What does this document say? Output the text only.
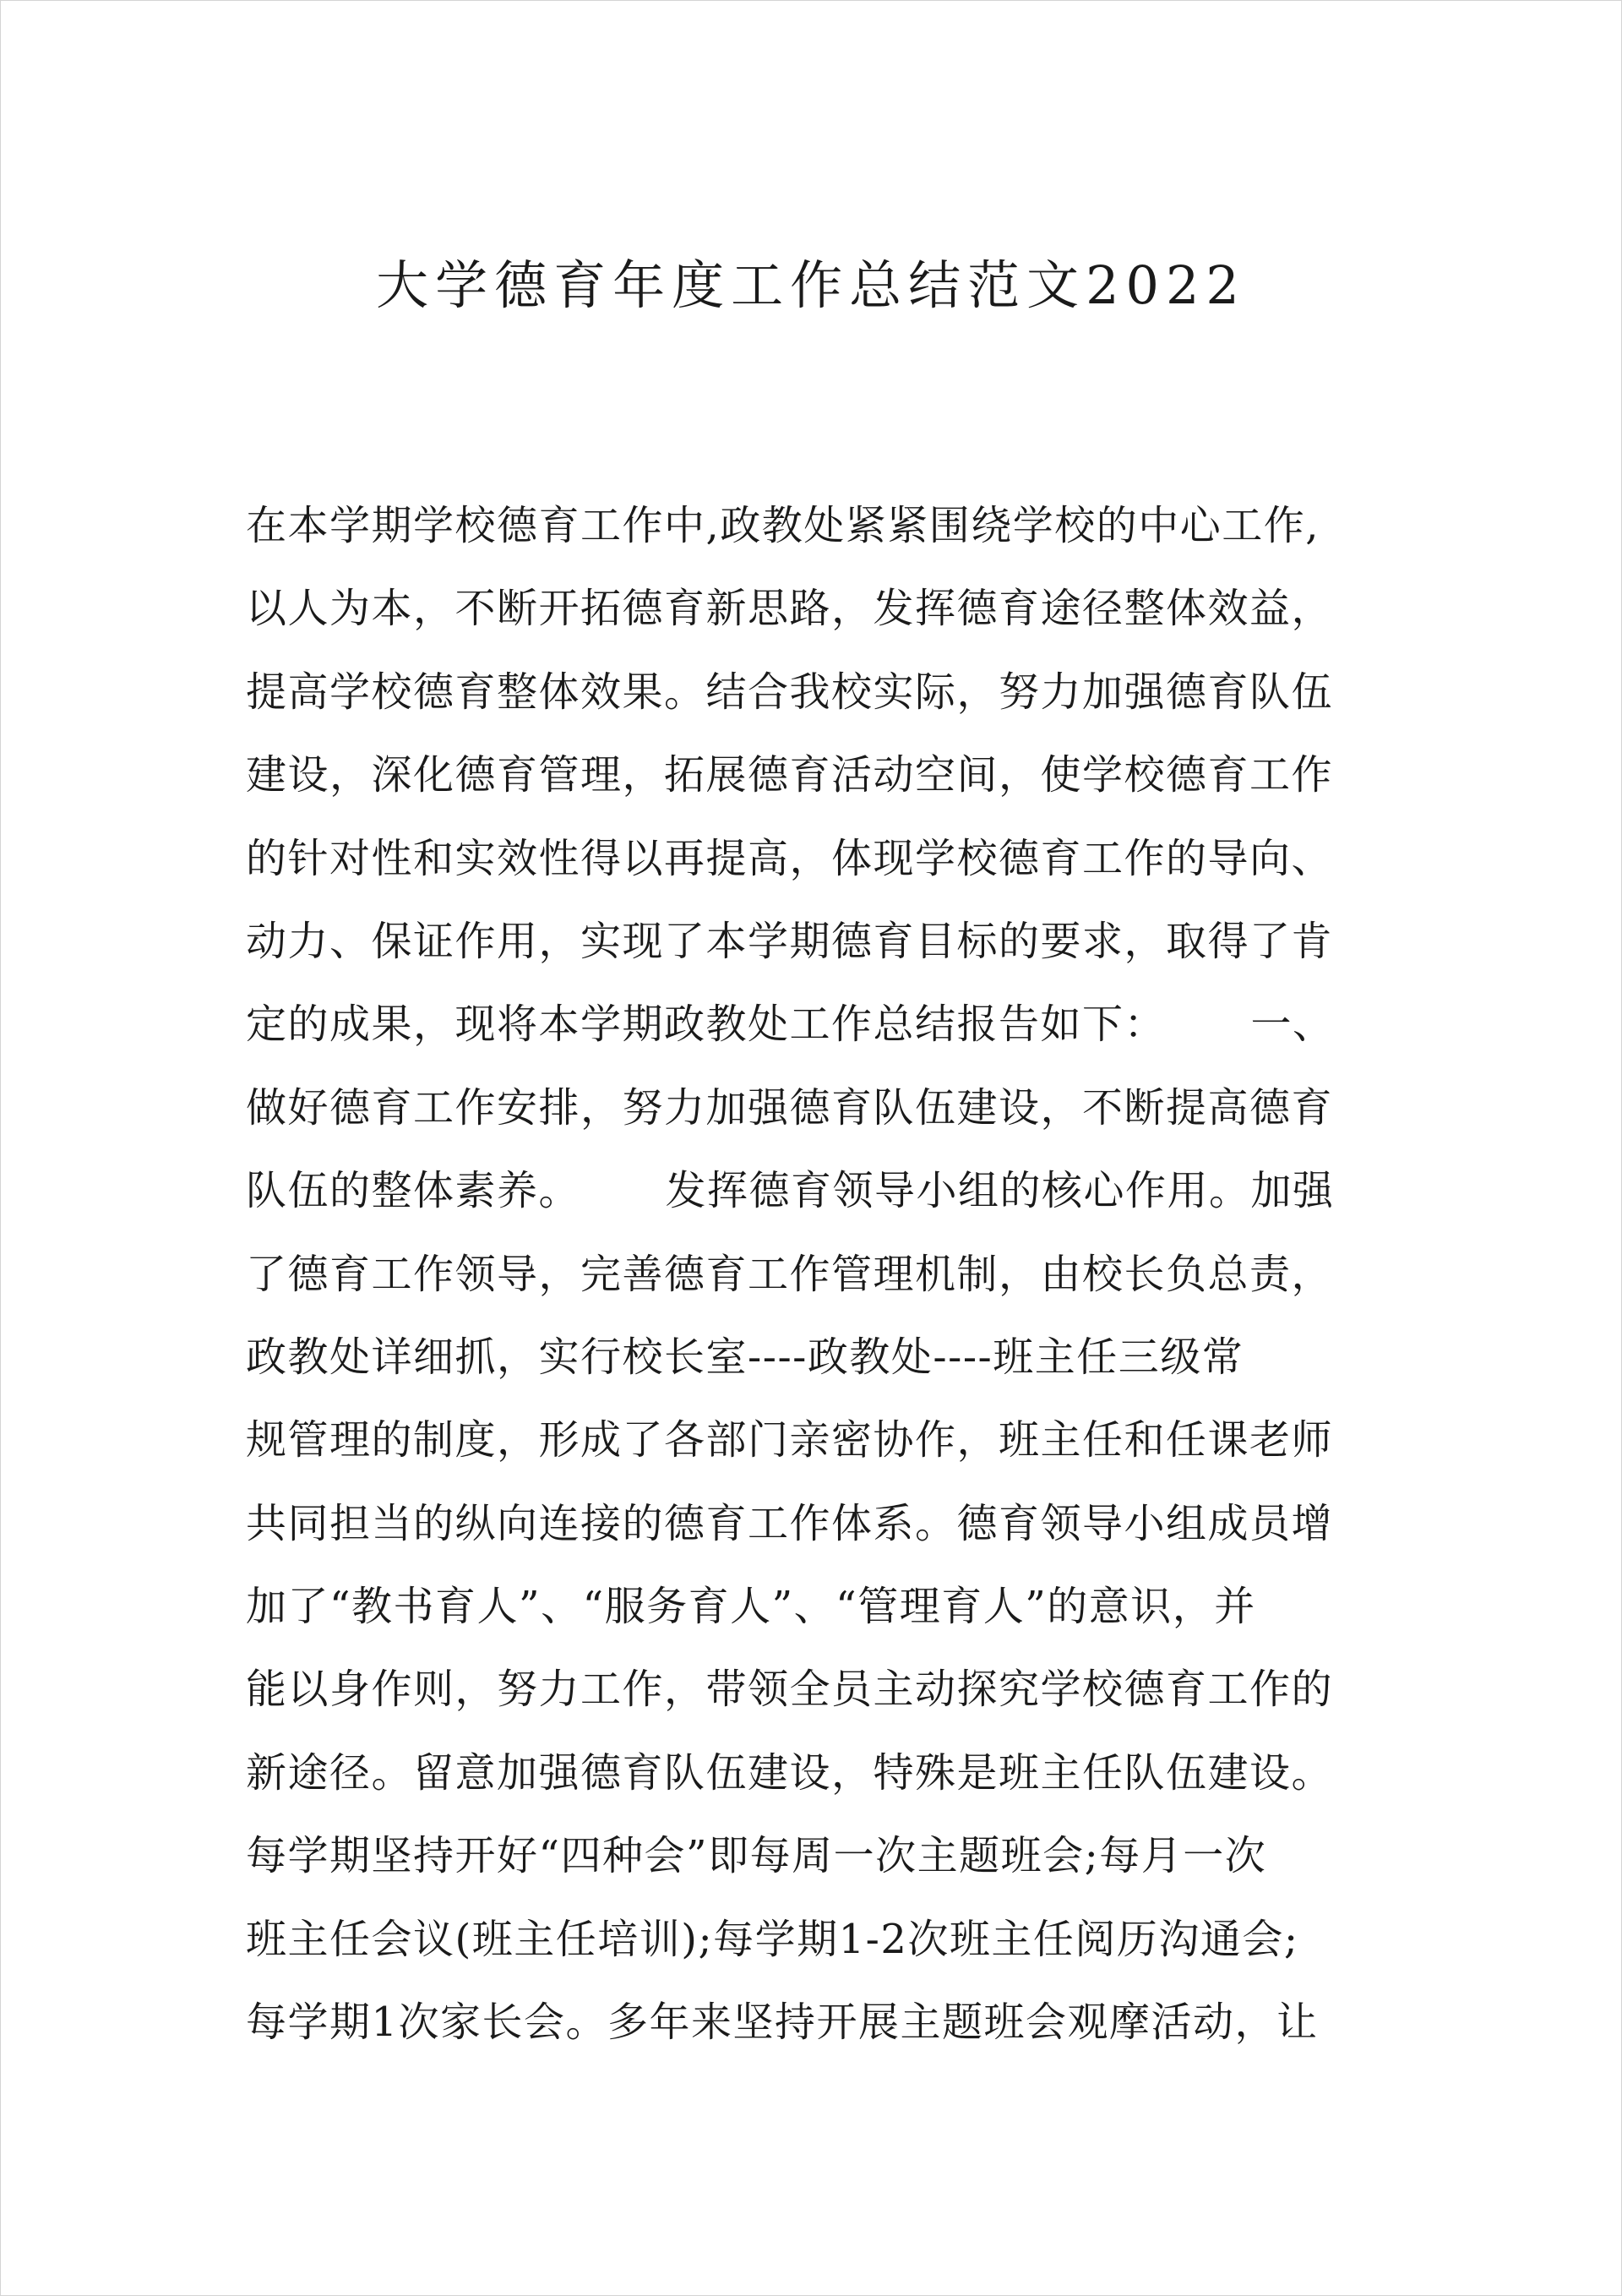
大学德育年度工作总结范文2022
在本学期学校德育工作中,政教处紧紧围绕学校的中心工作,
以人为本，不断开拓德育新思路，发挥德育途径整体效益，
提高学校德育整体效果。结合我校实际，努力加强德育队伍
建设，深化德育管理，拓展德育活动空间，使学校德育工作
的针对性和实效性得以再提高，体现学校德育工作的导向、
动力、保证作用，实现了本学期德育目标的要求，取得了肯
定的成果，现将本学期政教处工作总结报告如下：      一、
做好德育工作安排，努力加强德育队伍建设，不断提高德育
队伍的整体素养。      发挥德育领导小组的核心作用。加强
了德育工作领导，完善德育工作管理机制，由校长负总责，
政教处详细抓，实行校长室----政教处----班主任三级常
规管理的制度，形成了各部门亲密协作，班主任和任课老师
共同担当的纵向连接的德育工作体系。德育领导小组成员增
加了“教书育人”、“服务育人”、“管理育人”的意识，并
能以身作则，努力工作，带领全员主动探究学校德育工作的
新途径。留意加强德育队伍建设，特殊是班主任队伍建设。
每学期坚持开好“四种会”即每周一次主题班会;每月一次
班主任会议(班主任培训);每学期1-2次班主任阅历沟通会;
每学期1次家长会。多年来坚持开展主题班会观摩活动，让
